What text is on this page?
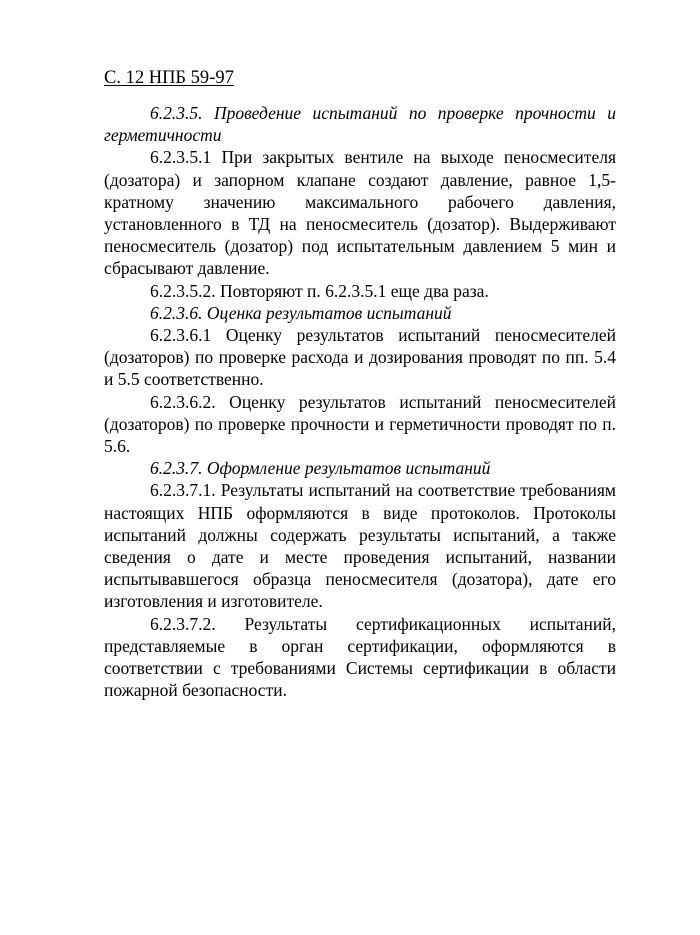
С. 12 НПБ 59-97

6.2.3.5. Проведение испытаний по проверке прочности и герметичности

6.2.3.5.1 При закрытых вентиле на выходе пеносмесителя (дозатора) и запорном клапане создают давление, равное 1,5-кратному значению максимального рабочего давления, установленного в ТД на пеносмеситель (дозатор). Выдерживают пеносмеситель (дозатор) под испытательным давлением 5 мин и сбрасывают давление.

6.2.3.5.2. Повторяют п. 6.2.3.5.1 еще два раза.

6.2.3.6. Оценка результатов испытаний

6.2.3.6.1 Оценку результатов испытаний пеносмесителей (дозаторов) по проверке расхода и дозирования проводят по пп. 5.4 и 5.5 соответственно.

6.2.3.6.2. Оценку результатов испытаний пеносмесителей (дозаторов) по проверке прочности и герметичности проводят по п. 5.6.

6.2.3.7. Оформление результатов испытаний

6.2.3.7.1. Результаты испытаний на соответствие требованиям настоящих НПБ оформляются в виде протоколов. Протоколы испытаний должны содержать результаты испытаний, а также сведения о дате и месте проведения испытаний, названии испытывавшегося образца пеносмесителя (дозатора), дате его изготовления и изготовителе.

6.2.3.7.2. Результаты сертификационных испытаний, представляемые в орган сертификации, оформляются в соответствии с требованиями Системы сертификации в области пожарной безопасности.
